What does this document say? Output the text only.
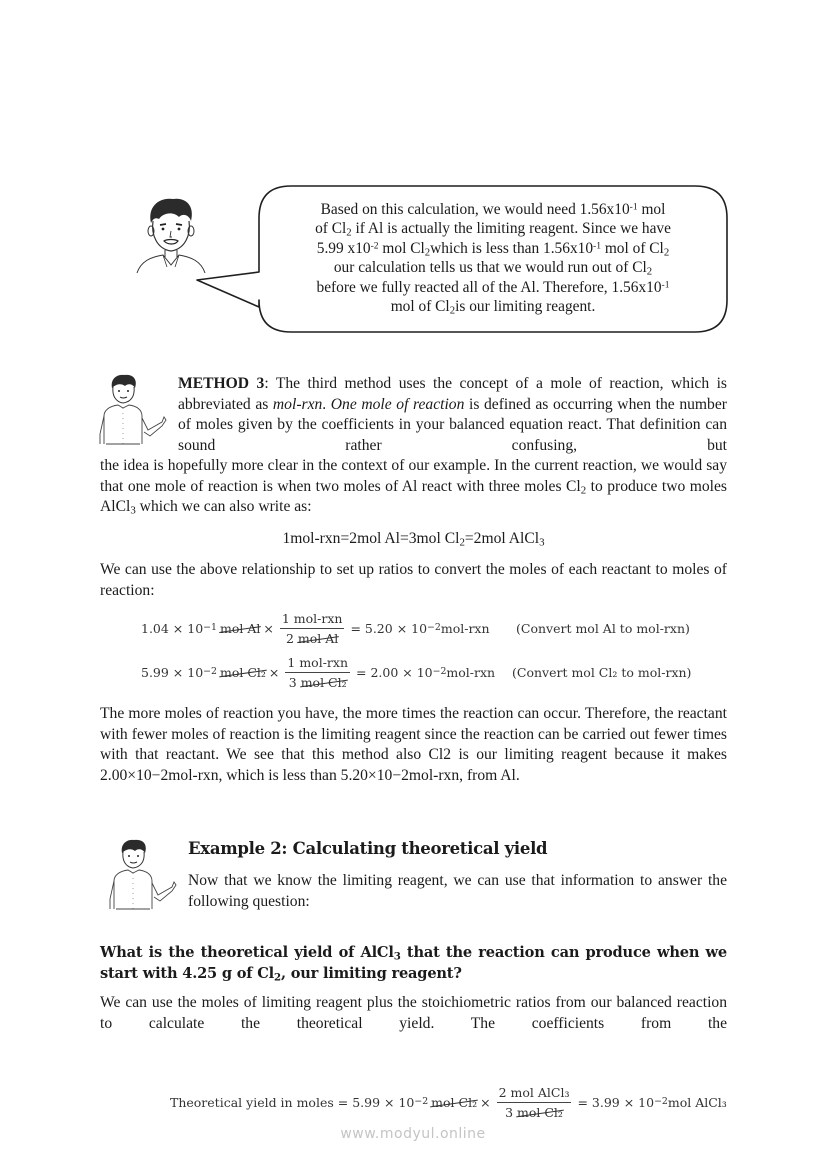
Based on this calculation, we would need $1.56x10^{-1}$ mol
of $Cl_2$ if Al is actually the limiting reagent. Since we have
5.99 $x10^{-2}$ mol $Cl_2which$ is less than $1.56x10^{-1}$ mol of $Cl_2$
our calculation tells us that we would run out of $Cl_2$
before we fully reacted all of the Al. Therefore, $1.56x10^{-1}$
mol of $Cl_2is$ our limiting reagent.
METHOD 3: The third method uses the concept of a mole of reaction, which is abbreviated as mol-rxn. One mole of reaction is defined as occurring when the number of moles given by the coefficients in your balanced equation react. That definition can sound rather confusing, but
the idea is hopefully more clear in the context of our example. In the current reaction, we would say that one mole of reaction is when two moles of Al react with three moles $Cl_2$ to produce two moles AlCl$_3$ which we can also write as:
1mol-rxn=2mol Al=3mol $Cl_2=2mol$ AlCl$_3$
We can use the above relationship to set up ratios to convert the moles of each reactant to moles of reaction:
1.04 × 10 −1 mol $Al \times \frac{\text{1 mol-rxn}}{\text{2 mol Al}} = 5.20 \times 10 -2$ mol-rxn (Convert mol Al to mol-rxn)
5.99 × 10 −2 mol $Cl_2 \times \frac{\text{1 mol-rxn}}{\text{3 mol Cl₂}} = 2.00 \times 10 -2$ mol-rxn (Convert mol Cl₂ to mol-rxn)
The more moles of reaction you have, the more times the reaction can occur. Therefore, the reactant with fewer moles of reaction is the limiting reagent since the reaction can be carried out fewer times with that reactant. We see that this method also Cl2 is our limiting reagent because it makes 2.00×10−2mol-rxn, which is less than 5.20×10−2mol-rxn, from Al.
Example 2: Calculating theoretical yield
Now that we know the limiting reagent, we can use that information to answer the following question:
What is the theoretical yield of AlCl$_3$ that the reaction can produce when we start with 4.25 g of $Cl_2$, our limiting reagent?
We can use the moles of limiting reagent plus the stoichiometric ratios from our balanced reaction to calculate the theoretical yield. The coefficients from the
Theoretical yield in moles = 5.99 × 10 −2 mol $Cl_2 \times \frac{\text{2 mol AlCl₃}}{\text{3 mol Cl₂}} = 3.99 \times 10 -2$ mol AlCl₃
www.modyul.online
